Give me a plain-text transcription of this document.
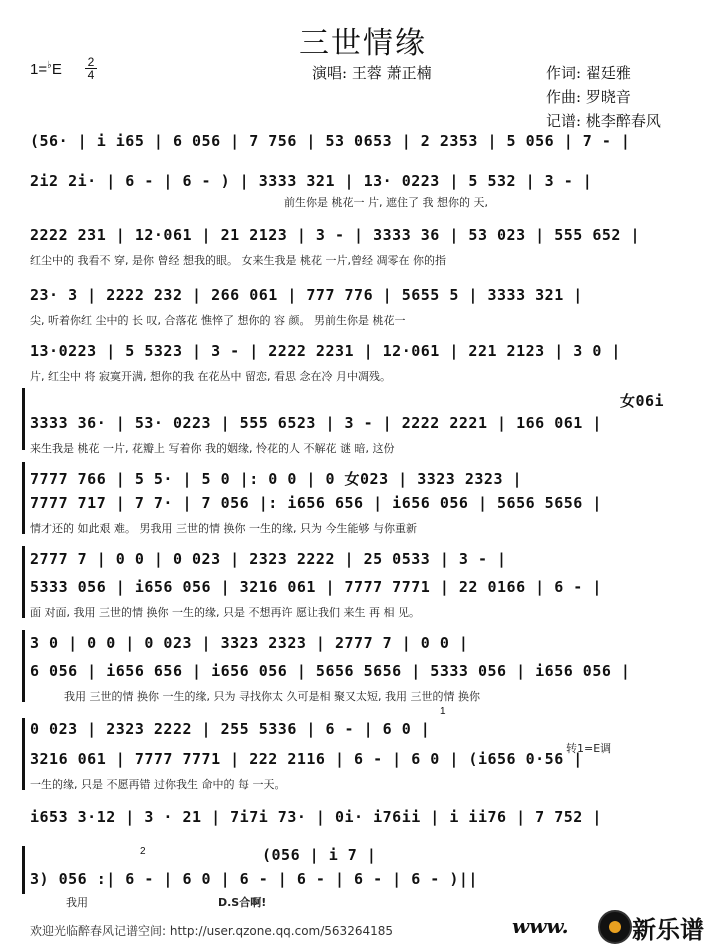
三世情缘
1=♭E 2
4	演唱: 王蓉 萧正楠	作词: 翟廷雅
作曲: 罗晓音
记谱: 桃李醉春风
(56· | i i65 | 6 056 | 7 756 | 53 0653 | 2 2353 | 5 056 | 7 - |
2i2 2i· | 6 - | 6 - ) | 3333 321 | 13· 0223 | 5 532 | 3 - |
前生你是 桃花一 片, 遮住了 我 想你的 天,
2222 231 | 12·061 | 21 2123 | 3 - | 3333 36 | 53 023 | 555 652 |
红尘中的 我看不 穿, 是你 曾经 想我的眼。 女来生我是 桃花 一片,曾经 凋零在 你的指
23· 3 | 2222 232 | 266 061 | 777 776 | 5655 5 | 3333 321 |
尖, 听着你红 尘中的 长 叹, 合落花 憔悴了 想你的 容 颜。 男前生你是 桃花一
13·0223 | 5 5323 | 3 - | 2222 2231 | 12·061 | 221 2123 | 3 0 |
片, 红尘中 将 寂寞开满, 想你的我 在花丛中 留恋, 看思 念在冷 月中凋残。
女06i
3333 36· | 53· 0223 | 555 6523 | 3 - | 2222 2221 | 166 061 |
来生我是 桃花 一片, 花瓣上 写着你 我的姻缘, 怜花的人 不解花 谜 暗, 这份
7777 766 | 5 5· | 5 0 |: 0 0 | 0 女023 | 3323 2323 |
7777 717 | 7 7· | 7 056 |: i656 656 | i656 056 | 5656 5656 |
情才还的 如此艰 难。 男我用 三世的情 换你 一生的缘, 只为 今生能够 与你重新
2777 7 | 0 0 | 0 023 | 2323 2222 | 25 0533 | 3 - |
5333 056 | i656 056 | 3216 061 | 7777 7771 | 22 0166 | 6 - |
面 对面, 我用 三世的情 换你 一生的缘, 只是 不想再许 愿让我们 来生 再 相 见。
3 0 | 0 0 | 0 023 | 3323 2323 | 2777 7 | 0 0 |
6 056 | i656 656 | i656 056 | 5656 5656 | 5333 056 | i656 056 |
我用 三世的情 换你 一生的缘, 只为 寻找你太 久可是相 聚又太短, 我用 三世的情 换你
1
0 023 | 2323 2222 | 255 5336 | 6 - | 6 0 |
转1=E调
3216 061 | 7777 7771 | 222 2116 | 6 - | 6 0 | (i656 0·56 |
一生的缘, 只是 不愿再错 过你我生 命中的 每 一天。
i653 3·12 | 3 · 21 | 7i7i 73· | 0i· i76ii | i ii76 | 7 752 |
2	(056 | i 7 |
3) 056 :| 6 - | 6 0 | 6 - | 6 - | 6 - | 6 - )||
我用	D.S合啊!
欢迎光临醉春风记谱空间: http://user.qzone.qq.com/563264185	www.	新乐谱
